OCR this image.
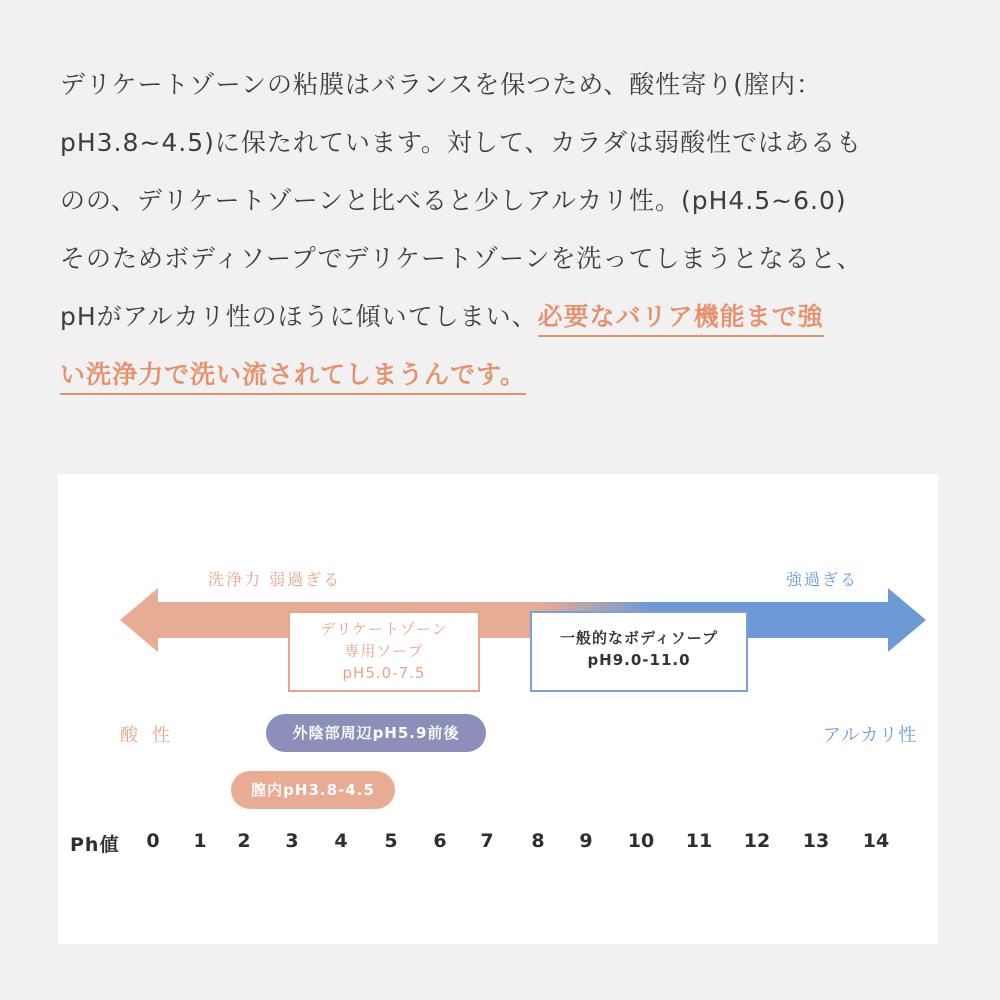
デリケートゾーンの粘膜はバランスを保つため、酸性寄り(膣内：
pH3.8~4.5)に保たれています。対して、カラダは弱酸性ではあるも
のの、デリケートゾーンと比べると少しアルカリ性。(pH4.5~6.0)
そのためボディソープでデリケートゾーンを洗ってしまうとなると、
pHがアルカリ性のほうに傾いてしまい、必要なバリア機能まで強
い洗浄力で洗い流されてしまうんです。
洗浄力 弱過ぎる	強過ぎる
デリケートゾーン
専用ソープ
pH5.0-7.5
一般的なボディソープ
pH9.0-11.0
酸性	アルカリ性
外陰部周辺pH5.9前後
膣内pH3.8-4.5
Ph値	0	1	2	3	4	5	6	7	8	9	10	11	12	13	14
